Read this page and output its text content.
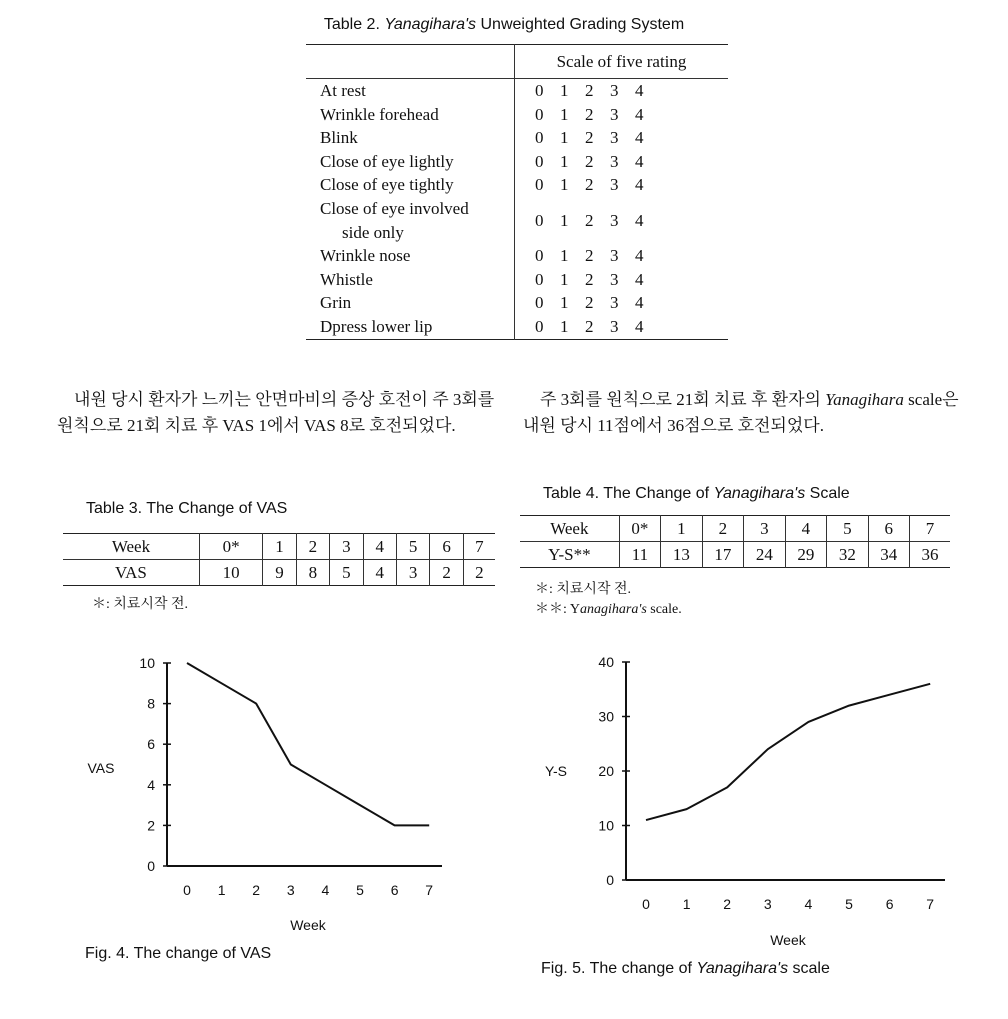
Table 2. Yanagihara's Unweighted Grading System
	Scale of five rating

At rest	0 1 2 3 4

Wrinkle forehead	0 1 2 3 4

Blink	0 1 2 3 4

Close of eye lightly	0 1 2 3 4

Close of eye tightly	0 1 2 3 4

Close of eye involved
side only	0 1 2 3 4

Wrinkle nose	0 1 2 3 4

Whistle	0 1 2 3 4

Grin	0 1 2 3 4

Dpress lower lip	0 1 2 3 4
　내원 당시 환자가 느끼는 안면마비의 증상 호전이 주 3회를 원칙으로 21회 치료 후 VAS 1에서 VAS 8로 호전되었다.
　주 3회를 원칙으로 21회 치료 후 환자의 Yanagihara scale은 내원 당시 11점에서 36점으로 호전되었다.
Table 3. The Change of VAS
Week	0*	1	2	3	4	5	6	7
VAS	10	9	8	5	4	3	2	2
＊: 치료시작 전.
Table 4. The Change of Yanagihara's Scale
Week	0*	1	2	3	4	5	6	7
Y-S**	11	13	17	24	29	32	34	36
＊: 치료시작 전.
＊＊: Yanagihara's scale.
0
2
4
6
8
10
0 1 2 3 4 5 6 7
VAS
Week
Fig. 4. The change of VAS
0
10
20
30
40
0 1 2 3 4 5 6 7
Y-S
Week
Fig. 5. The change of Yanagihara's scale
